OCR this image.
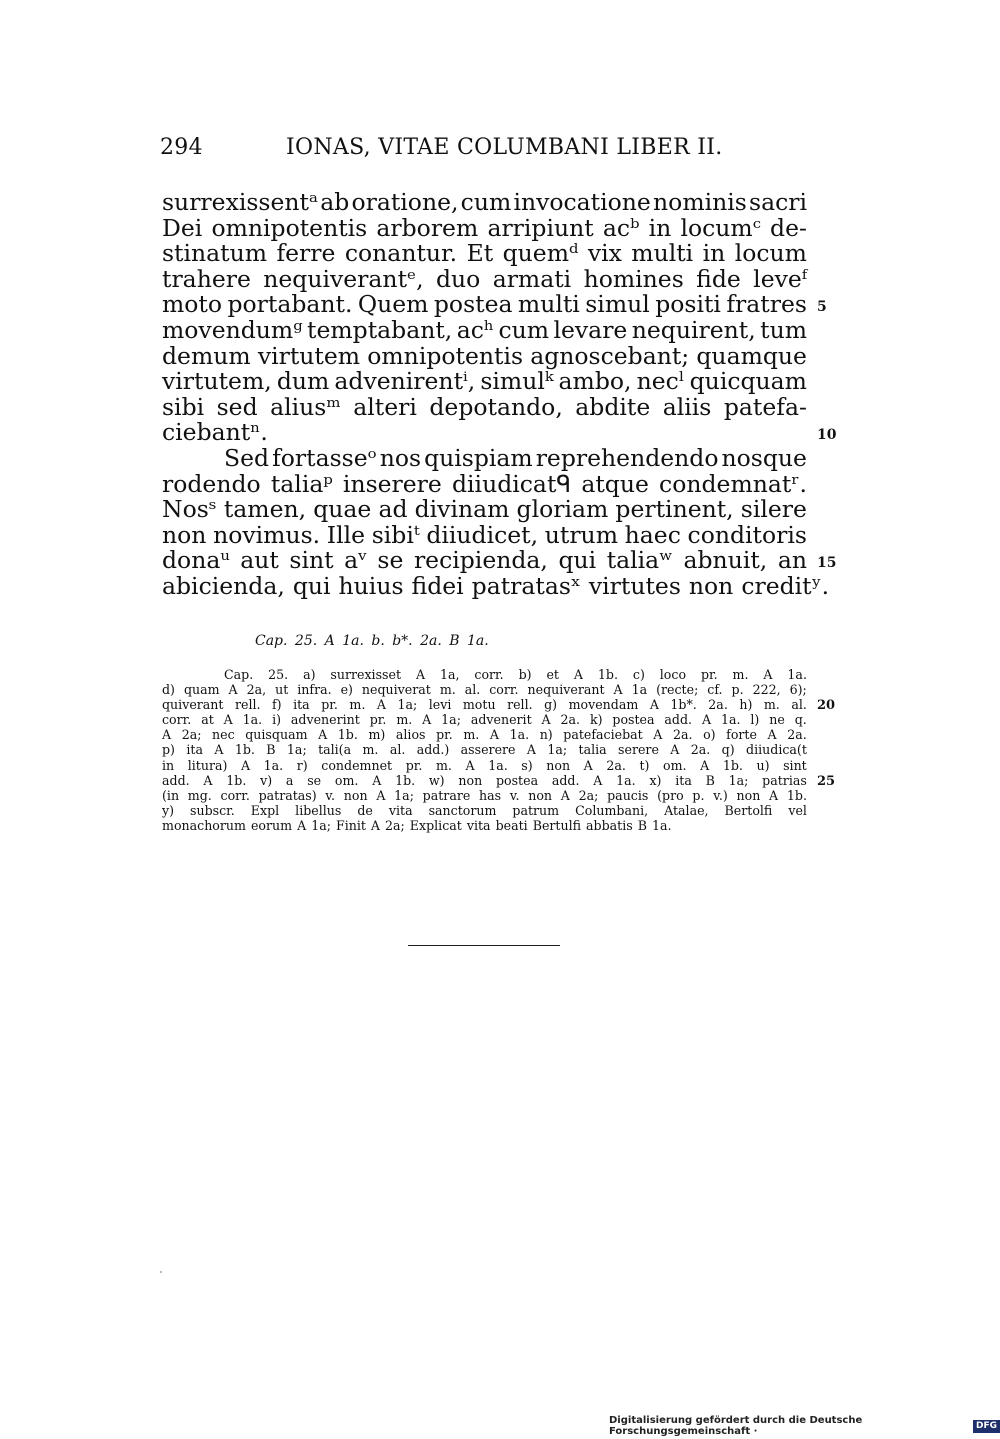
294	IONAS, VITAE COLUMBANI LIBER II.
surrexissentᵃ ab oratione, cum invocatione nominis sacri
Dei omnipotentis arborem arripiunt acᵇ in locumᶜ de-
stinatum ferre conantur. Et quemᵈ vix multi in locum
trahere nequiverantᵉ, duo armati homines fide leveᶠ
moto portabant. Quem postea multi simul positi fratres 5
movendumᵍ temptabant, acʰ cum levare nequirent, tum
demum virtutem omnipotentis agnoscebant; quamque
virtutem, dum advenirentⁱ, simulᵏ ambo, necˡ quicquam
sibi sed aliusᵐ alteri depotando, abdite aliis patefa-
ciebantⁿ.	10
Sed fortasseᵒ nos quispiam reprehendendo nosque
rodendo taliaᵖ inserere diiudicatᑫ atque condemnatʳ.
Nosˢ tamen, quae ad divinam gloriam pertinent, silere
non novimus. Ille sibiᵗ diiudicet, utrum haec conditoris
donaᵘ aut sint aᵛ se recipienda, qui taliaʷ abnuit, an 15
abicienda, qui huius fidei patratasˣ virtutes non creditʸ.
Cap. 25. A 1a. b. b*. 2a. B 1a.
Cap. 25. a) surrexisset A 1a, corr. b) et A 1b. c) loco pr. m. A 1a.
d) quam A 2a, ut infra. e) nequiverat m. al. corr. nequiverant A 1a (recte; cf. p. 222, 6);
quiverant rell. f) ita pr. m. A 1a; levi motu rell. g) movendam A 1b*. 2a. h) m. al. 20
corr. at A 1a. i) advenerint pr. m. A 1a; advenerit A 2a. k) postea add. A 1a. l) ne q.
A 2a; nec quisquam A 1b. m) alios pr. m. A 1a. n) patefaciebat A 2a. o) forte A 2a.
p) ita A 1b. B 1a; tali(a m. al. add.) asserere A 1a; talia serere A 2a. q) diiudica(t
in litura) A 1a. r) condemnet pr. m. A 1a. s) non A 2a. t) om. A 1b. u) sint
add. A 1b. v) a se om. A 1b. w) non postea add. A 1a. x) ita B 1a; patrias 25
(in mg. corr. patratas) v. non A 1a; patrare has v. non A 2a; paucis (pro p. v.) non A 1b.
y) subscr. Expl libellus de vita sanctorum patrum Columbani, Atalae, Bertolfi vel
monachorum eorum A 1a; Finit A 2a; Explicat vita beati Bertulfi abbatis B 1a.
Digitalisierung gefördert durch die Deutsche Forschungsgemeinschaft ·
DFG
